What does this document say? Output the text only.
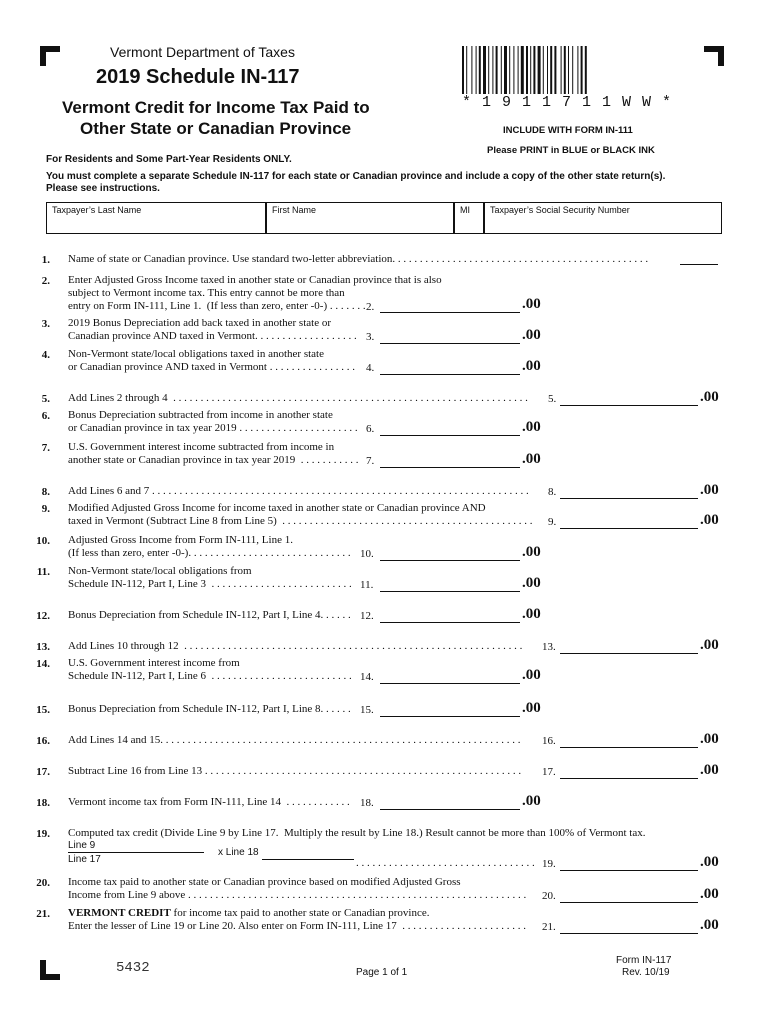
Vermont Department of Taxes
2019 Schedule IN-117
Vermont Credit for Income Tax Paid to
Other State or Canadian Province
* 1 9 1 1 7 1 1 W W *
INCLUDE WITH FORM IN-111
Please PRINT in BLUE or BLACK INK
For Residents and Some Part-Year Residents ONLY.
You must complete a separate Schedule IN-117 for each state or Canadian province and include a copy of the other state return(s).
Please see instructions.
Taxpayer’s Last Name	First Name	MI Taxpayer’s Social Security Number
1. Name of state or Canadian province. Use standard two-letter abbreviation. . . . . . . . . . . . . . . . . . . . . . . . . . . . . . . . . . . . . . . . . . . . . . .
2. Enter Adjusted Gross Income taxed in another state or Canadian province that is also
subject to Vermont income tax. This entry cannot be more than
entry on Form IN-111, Line 1.  (If less than zero, enter -0-) . . . . . . . 2.	.00
3. 2019 Bonus Depreciation add back taxed in another state or
Canadian province AND taxed in Vermont. . . . . . . . . . . . . . . . . . . 3.	.00
4. Non-Vermont state/local obligations taxed in another state
or Canadian province AND taxed in Vermont . . . . . . . . . . . . . . . . 4.	.00
5. Add Lines 2 through 4  . . . . . . . . . . . . . . . . . . . . . . . . . . . . . . . . . . . . . . . . . . . . . . . . . . . . . . . . . . . . . . . . . 5.	.00
6. Bonus Depreciation subtracted from income in another state
or Canadian province in tax year 2019 . . . . . . . . . . . . . . . . . . . . . . 6.	.00
7. U.S. Government interest income subtracted from income in
another state or Canadian province in tax year 2019  . . . . . . . . . . . 7.	.00
8. Add Lines 6 and 7 . . . . . . . . . . . . . . . . . . . . . . . . . . . . . . . . . . . . . . . . . . . . . . . . . . . . . . . . . . . . . . . . . . . . . 8.	.00
9. Modified Adjusted Gross Income for income taxed in another state or Canadian province AND
taxed in Vermont (Subtract Line 8 from Line 5)  . . . . . . . . . . . . . . . . . . . . . . . . . . . . . . . . . . . . . . . . . . . . . . 9.	.00
10. Adjusted Gross Income from Form IN-111, Line 1.
(If less than zero, enter -0-). . . . . . . . . . . . . . . . . . . . . . . . . . . . . . 10.	.00
11. Non-Vermont state/local obligations from
Schedule IN-112, Part I, Line 3  . . . . . . . . . . . . . . . . . . . . . . . . . . 11.	.00
12. Bonus Depreciation from Schedule IN-112, Part I, Line 4. . . . . . 12.	.00
13. Add Lines 10 through 12  . . . . . . . . . . . . . . . . . . . . . . . . . . . . . . . . . . . . . . . . . . . . . . . . . . . . . . . . . . . . . . 13.	.00
14. U.S. Government interest income from
Schedule IN-112, Part I, Line 6  . . . . . . . . . . . . . . . . . . . . . . . . . . 14.	.00
15. Bonus Depreciation from Schedule IN-112, Part I, Line 8. . . . . . 15.	.00
16. Add Lines 14 and 15. . . . . . . . . . . . . . . . . . . . . . . . . . . . . . . . . . . . . . . . . . . . . . . . . . . . . . . . . . . . . . . . . . 16.	.00
17. Subtract Line 16 from Line 13 . . . . . . . . . . . . . . . . . . . . . . . . . . . . . . . . . . . . . . . . . . . . . . . . . . . . . . . . . . 17.	.00
18. Vermont income tax from Form IN-111, Line 14  . . . . . . . . . . . . 18.	.00
19. Computed tax credit (Divide Line 9 by Line 17.  Multiply the result by Line 18.) Result cannot be more than 100% of Vermont tax.
Line 9
Line 17
x Line 18
. . . . . . . . . . . . . . . . . . . . . . . . . . . . . . . . . 19.	.00
20. Income tax paid to another state or Canadian province based on modified Adjusted Gross
Income from Line 9 above . . . . . . . . . . . . . . . . . . . . . . . . . . . . . . . . . . . . . . . . . . . . . . . . . . . . . . . . . . . . . . 20.	.00
21. VERMONT CREDIT for income tax paid to another state or Canadian province.
Enter the lesser of Line 19 or Line 20. Also enter on Form IN-111, Line 17  . . . . . . . . . . . . . . . . . . . . . . . 21.	.00
5432	Page 1 of 1
Form IN-117
Rev. 10/19
